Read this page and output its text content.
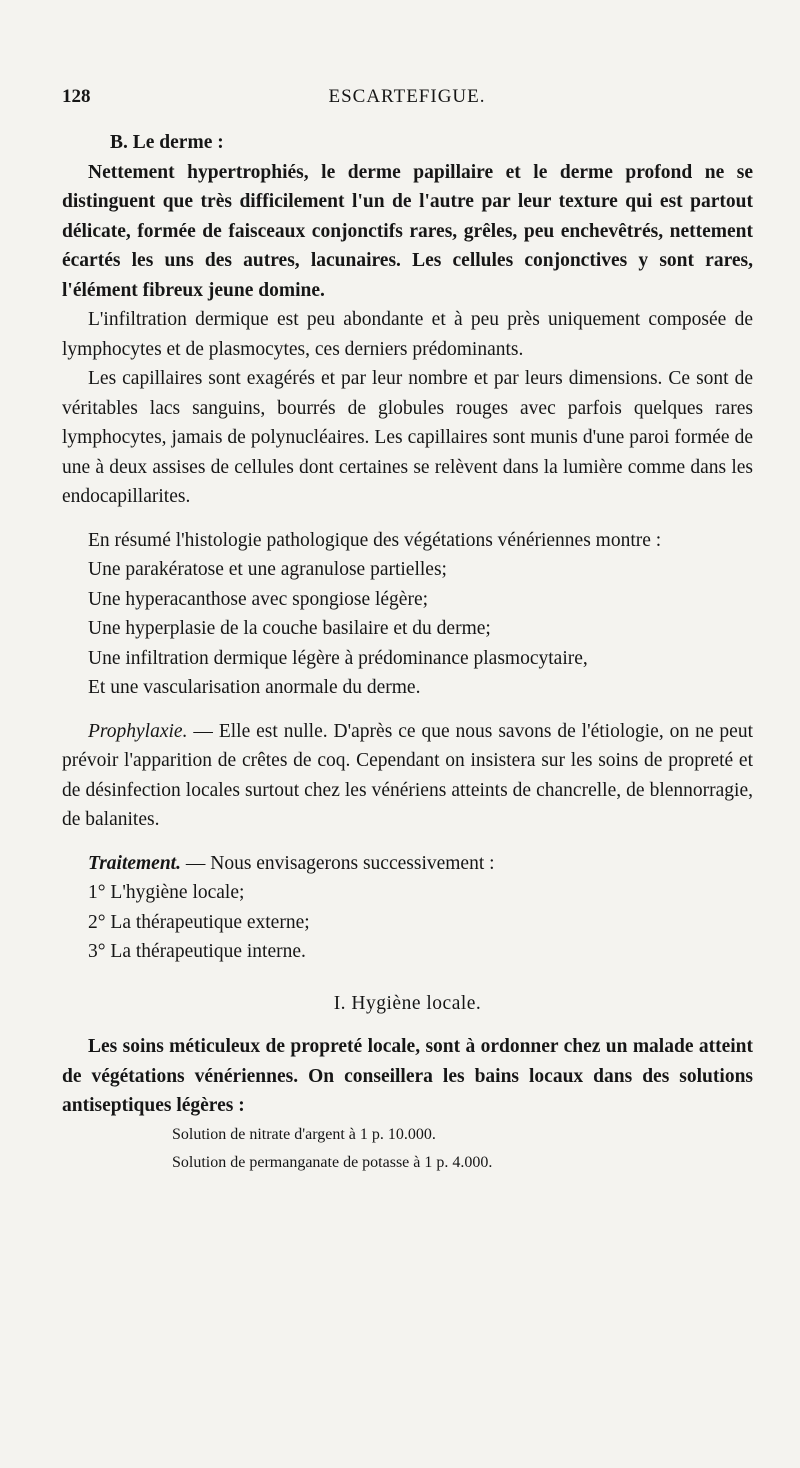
128	ESCARTEFIGUE.
B. Le derme :

Nettement hypertrophiés, le derme papillaire et le derme profond ne se distinguent que très difficilement l'un de l'autre par leur texture qui est partout délicate, formée de faisceaux conjonctifs rares, grêles, peu enchevêtrés, nettement écartés les uns des autres, lacunaires. Les cellules conjonctives y sont rares, l'élément fibreux jeune domine.

L'infiltration dermique est peu abondante et à peu près uniquement composée de lymphocytes et de plasmocytes, ces derniers prédominants.

Les capillaires sont exagérés et par leur nombre et par leurs dimensions. Ce sont de véritables lacs sanguins, bourrés de globules rouges avec parfois quelques rares lymphocytes, jamais de polynucléaires. Les capillaires sont munis d'une paroi formée de une à deux assises de cellules dont certaines se relèvent dans la lumière comme dans les endocapillarites.

En résumé l'histologie pathologique des végétations vénériennes montre :

Une parakératose et une agranulose partielles;
Une hyperacanthose avec spongiose légère;
Une hyperplasie de la couche basilaire et du derme;
Une infiltration dermique légère à prédominance plasmocytaire,
Et une vascularisation anormale du derme.

Prophylaxie. — Elle est nulle. D'après ce que nous savons de l'étiologie, on ne peut prévoir l'apparition de crêtes de coq. Cependant on insistera sur les soins de propreté et de désinfection locales surtout chez les vénériens atteints de chancrelle, de blennorragie, de balanites.

Traitement. — Nous envisagerons successivement :

1° L'hygiène locale;
2° La thérapeutique externe;
3° La thérapeutique interne.
I. Hygiène locale.

Les soins méticuleux de propreté locale, sont à ordonner chez un malade atteint de végétations vénériennes. On conseillera les bains locaux dans des solutions antiseptiques légères :

Solution de nitrate d'argent à 1 p. 10.000.
Solution de permanganate de potasse à 1 p. 4.000.
